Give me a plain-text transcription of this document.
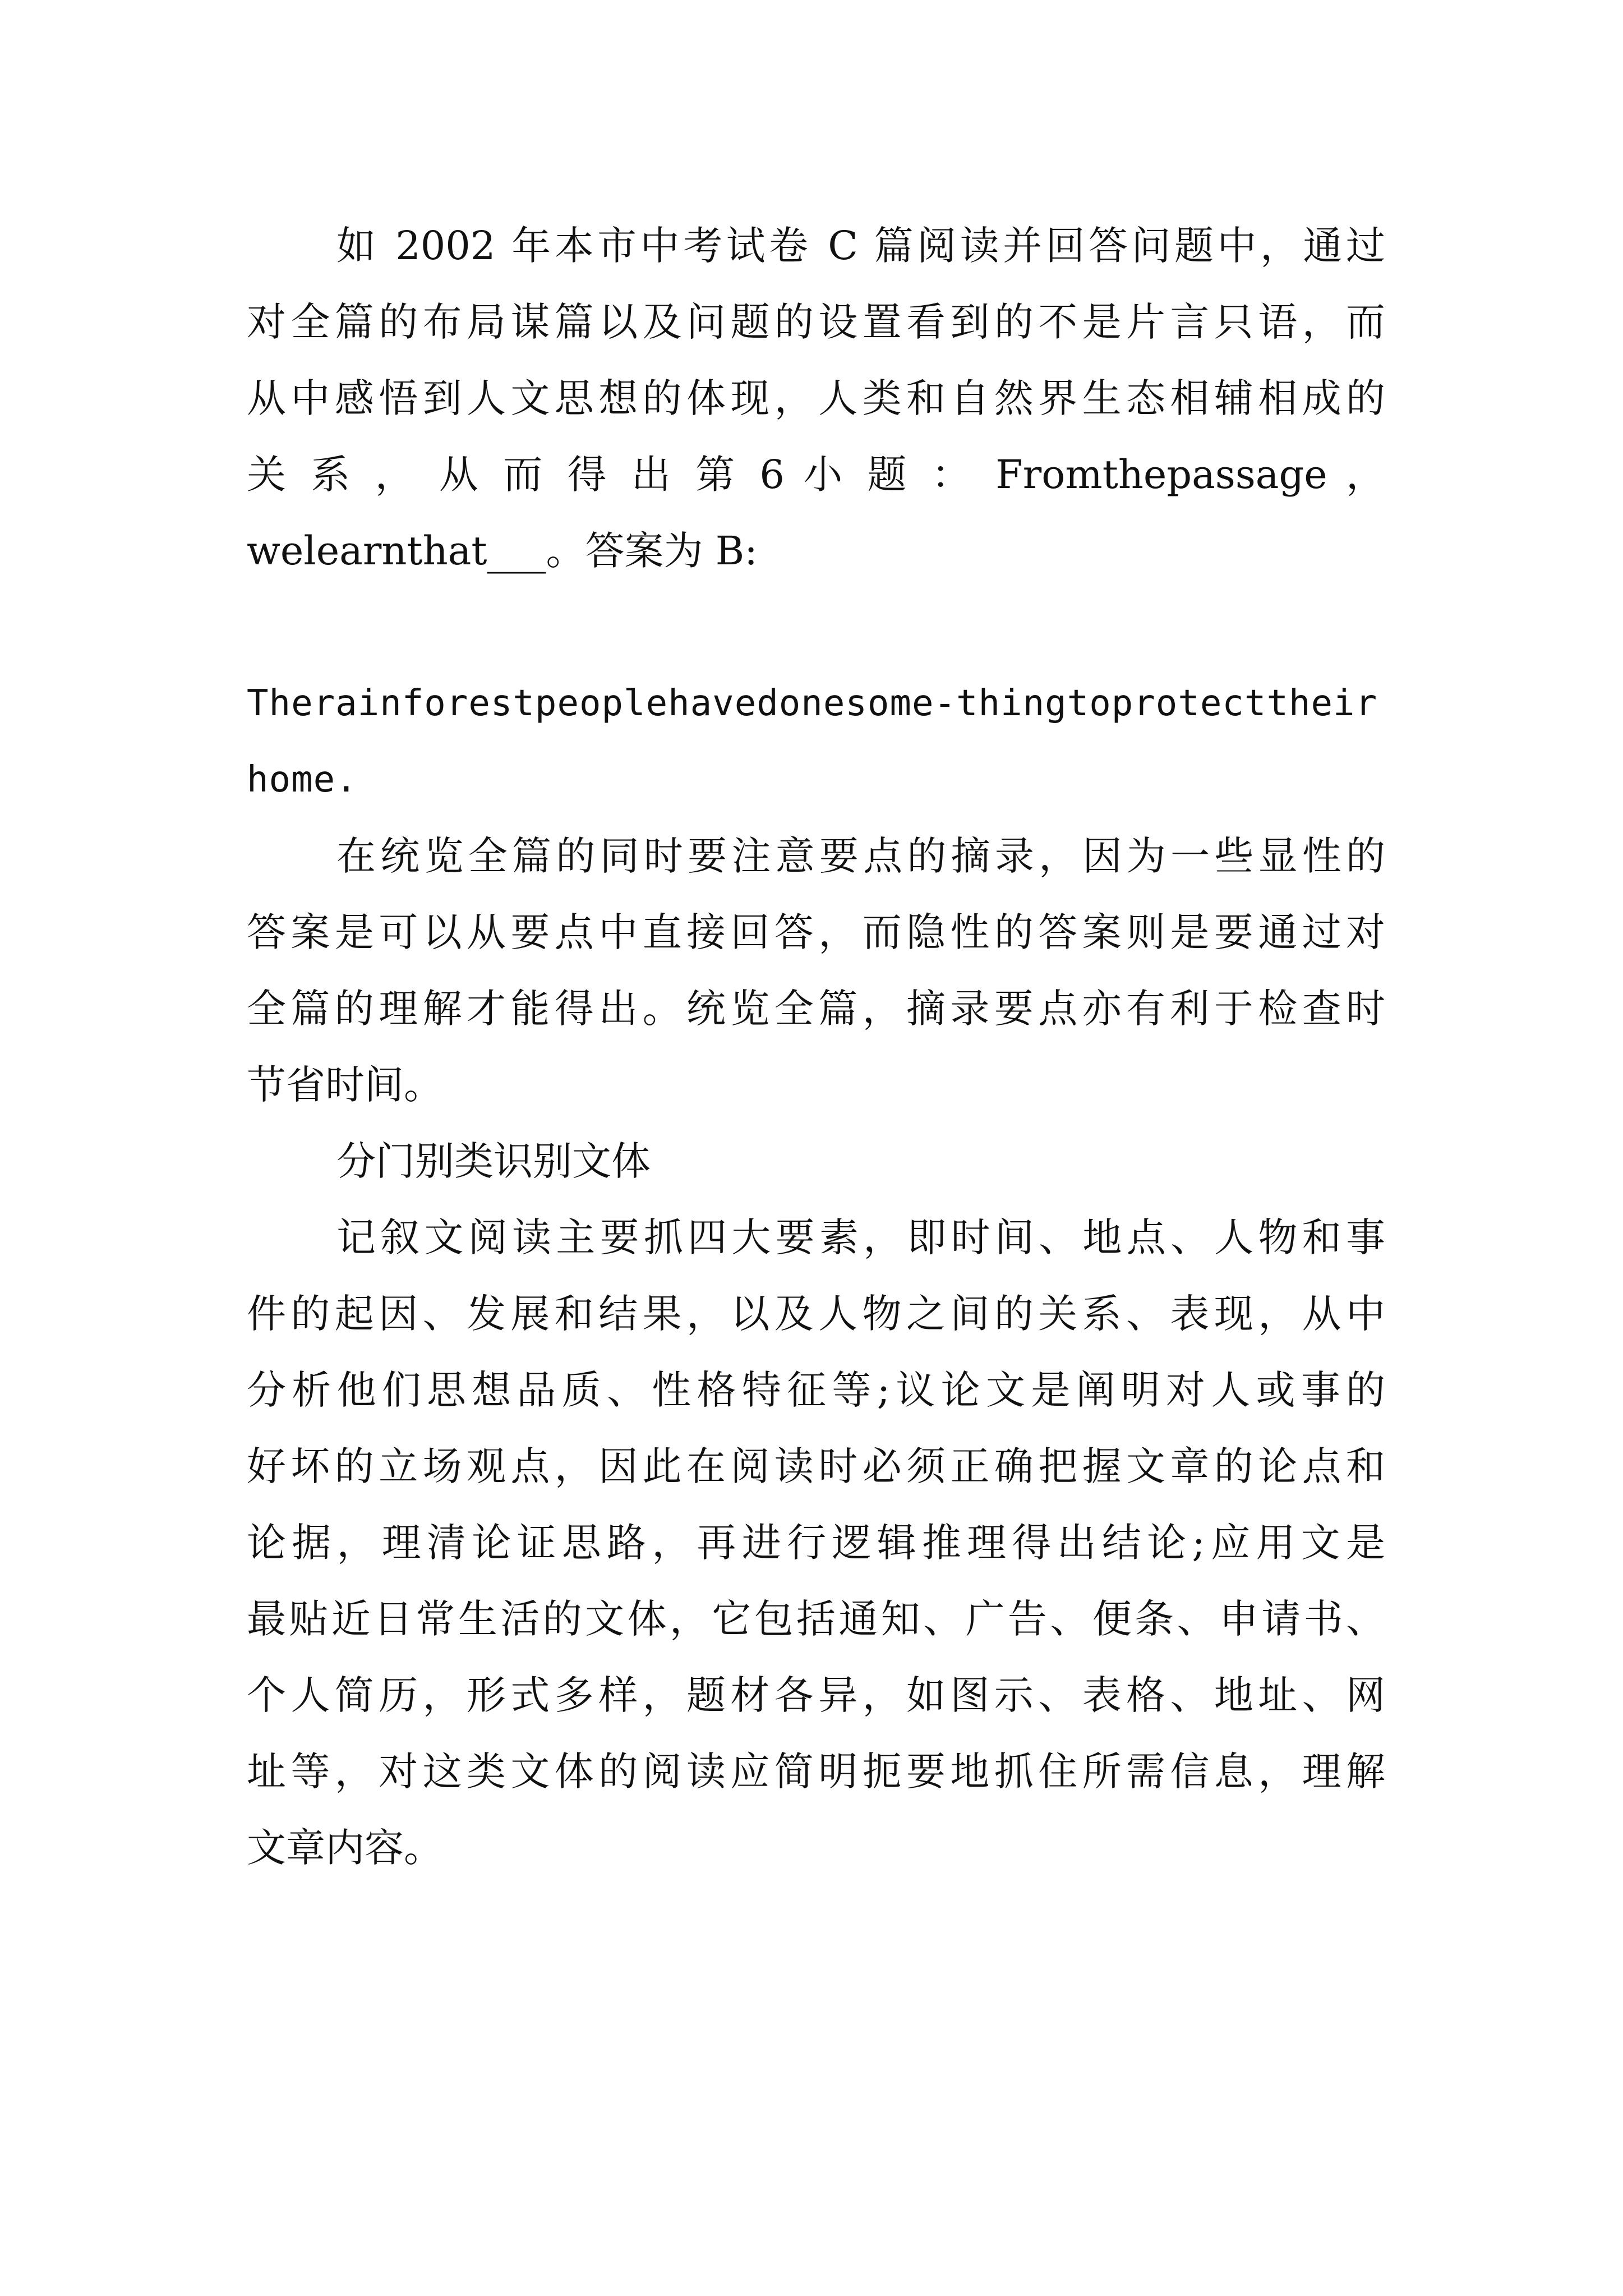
如 2002 年本市中考试卷 C 篇阅读并回答问题中，通过
对全篇的布局谋篇以及问题的设置看到的不是片言只语，而
从中感悟到人文思想的体现，人类和自然界生态相辅相成的
关 系 ， 从 而 得 出 第 6 小 题 ： Fromthepassage ，
welearnthat___。答案为 B:
Therainforestpeoplehavedonesome-thingtoprotecttheir
home.
在统览全篇的同时要注意要点的摘录，因为一些显性的
答案是可以从要点中直接回答，而隐性的答案则是要通过对
全篇的理解才能得出。统览全篇，摘录要点亦有利于检查时
节省时间。
分门别类识别文体
记叙文阅读主要抓四大要素，即时间、地点、人物和事
件的起因、发展和结果，以及人物之间的关系、表现，从中
分析他们思想品质、性格特征等;议论文是阐明对人或事的
好坏的立场观点，因此在阅读时必须正确把握文章的论点和
论据，理清论证思路，再进行逻辑推理得出结论;应用文是
最贴近日常生活的文体，它包括通知、广告、便条、申请书、
个人简历，形式多样，题材各异，如图示、表格、地址、网
址等，对这类文体的阅读应简明扼要地抓住所需信息，理解
文章内容。
